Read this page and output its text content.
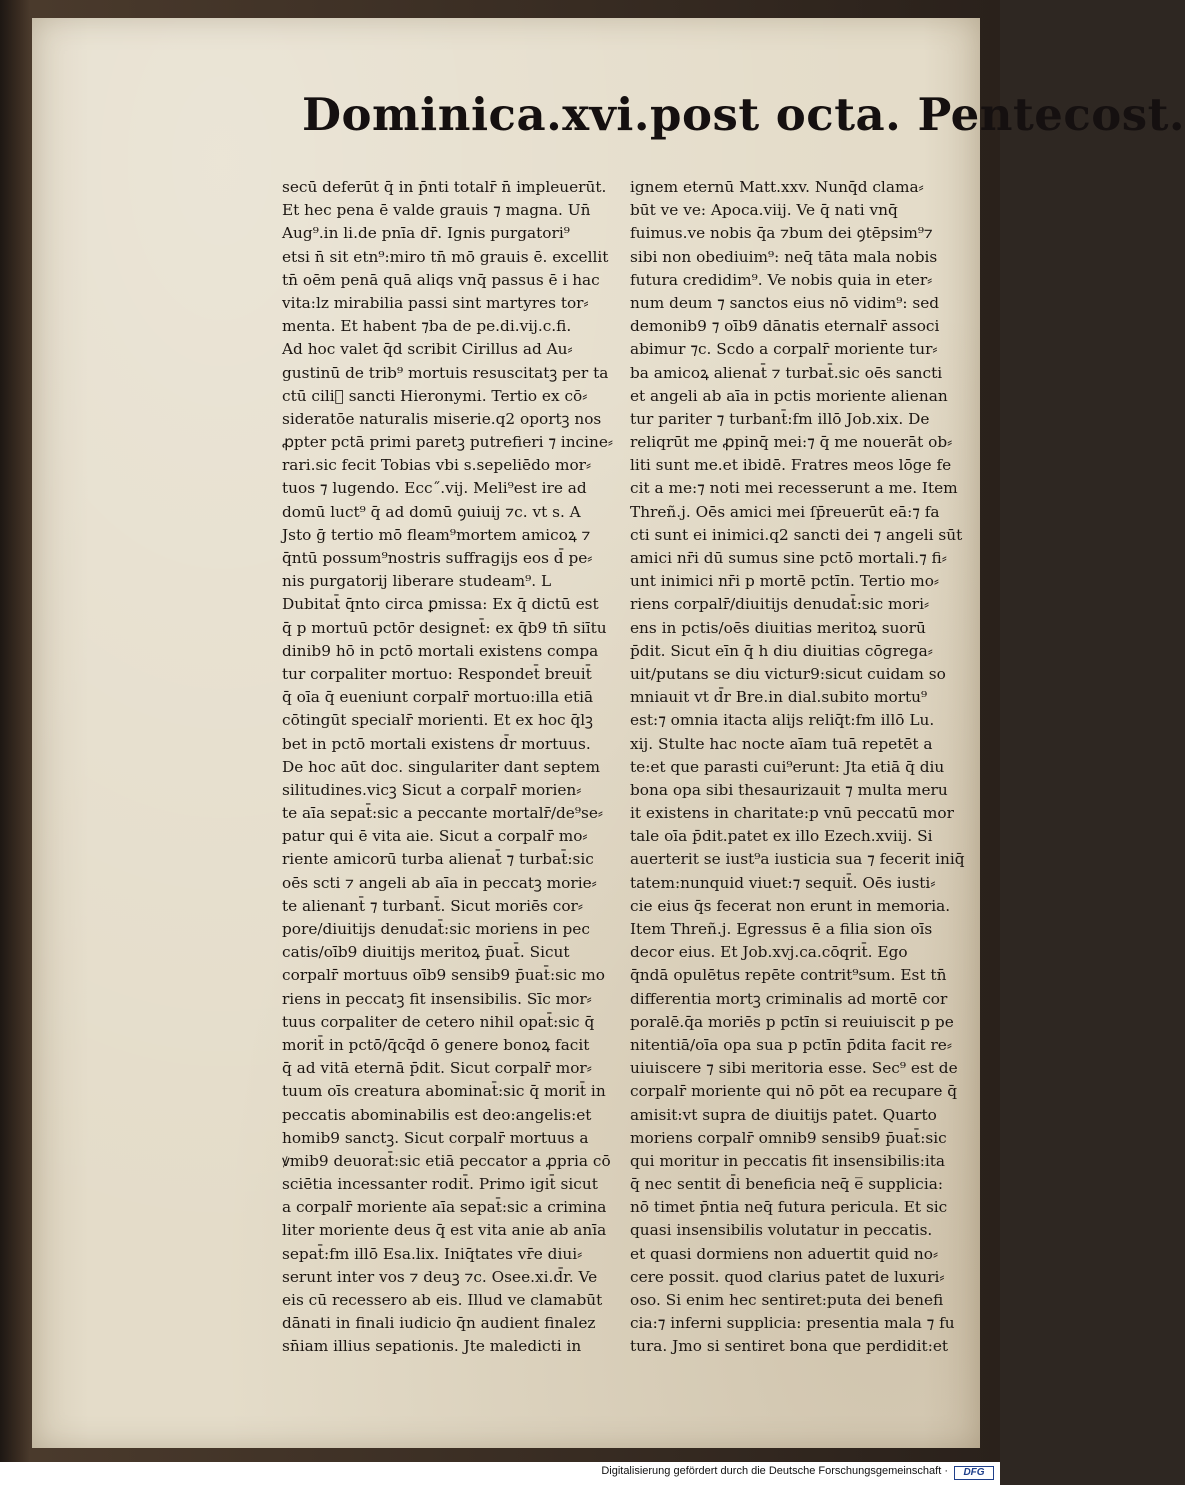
Dominica.xvi.post octa. Pentecost.
secū deferūt q̄ in p̄nti totalr̄ n̄ impleuerūt.
Et hec pena ē valde grauis ⁊ magna. Un̄
Aug⁹.in li.de pnīa dr̄. Ignis purgatori⁹
etsi n̄ sit etn⁹:miro tn̄ mō grauis ē. excellit
tn̄ oēm penā quā aliqs vnq̄ passus ē i hac
vita:lz mirabilia passi sint martyres tor⸗
menta. Et habent ⁊ba de pe.di.vij.c.fi.
Ad hoc valet q̄d scribit Cirillus ad Au⸗
gustinū de trib⁹ mortuis resuscitatꝫ per ta
ctū ciliᷓ sancti Hieronymi. Tertio ex cō⸗
sideratōe naturalis miserie.q2 oportꝫ nos
ꝓpter pctā primi paretꝫ putrefieri ⁊ incine⸗
rari.sic fecit Tobias vbi s.sepeliēdo mor⸗
tuos ⁊ lugendo. Ecc˝.vij. Meli⁹est ire ad
domū luct⁹ q̄ ad domū ꝯuiuij ⁊c. vt s. A
Jsto ḡ tertio mō fleam⁹mortem amicoꝝ ⁊
q̄ntū possum⁹nostris suffragijs eos d̄ pe⸗
nis purgatorij liberare studeam⁹. L
Dubitat̄ q̄nto circa ꝑmissa: Ex q̄ dictū est
q̄ p mortuū pctōr designet̄: ex q̄b9 tn̄ siītu
dinib9 hō in pctō mortali existens compa
tur corpaliter mortuo: Respondet̄ breuit̄
q̄ oīa q̄ eueniunt corpalr̄ mortuo:illa etiā
cōtingūt specialr̄ morienti. Et ex hoc q̄lꝫ
bet in pctō mortali existens d̄r mortuus.
De hoc aūt doc. singulariter dant septem
silitudines.vicꝫ Sicut a corpalr̄ morien⸗
te aīa sepat̄:sic a peccante mortalr̄/de⁹se⸗
patur qui ē vita aie. Sicut a corpalr̄ mo⸗
riente amicorū turba alienat̄ ⁊ turbat̄:sic
oēs scti ⁊ angeli ab aīa in peccatꝫ morie⸗
te alienant̄ ⁊ turbant̄. Sicut moriēs cor⸗
pore/diuitijs denudat̄:sic moriens in pec
catis/oīb9 diuitijs meritoꝝ p̄uat̄. Sicut
corpalr̄ mortuus oīb9 sensib9 p̄uat̄:sic mo
riens in peccatꝫ fit insensibilis. Sīc mor⸗
tuus corpaliter de cetero nihil opat̄:sic q̄
morit̄ in pctō/q̄cq̄d ō genere bonoꝝ facit
q̄ ad vitā eternā p̄dit. Sicut corpalr̄ mor⸗
tuum oīs creatura abominat̄:sic q̄ morit̄ in
peccatis abominabilis est deo:angelis:et
homib9 sanctꝫ. Sicut corpalr̄ mortuus a
ꝟmib9 deuorat̄:sic etiā peccator a ꝓpria cō
sciētia incessanter rodit̄. Primo igit̄ sicut
a corpalr̄ moriente aīa sepat̄:sic a crimina
liter moriente deus q̄ est vita anie ab anīa
sepat̄:fm illō Esa.lix. Iniq̄tates vr̄e diui⸗
serunt inter vos ⁊ deuꝫ ⁊c. Osee.xi.d̄r. Ve
eis cū recessero ab eis. Illud ve clamabūt
dānati in finali iudicio q̄n audient finalez
sn̄iam illius sepationis. Jte maledicti in
ignem eternū Matt.xxv. Nunq̄d clama⸗
būt ve ve: Apoca.viij. Ve q̄ nati vnq̄
fuimus.ve nobis q̄a ⁊bum dei ꝯtēpsim⁹⁊
sibi non obediuim⁹: neq̄ tāta mala nobis
futura credidim⁹. Ve nobis quia in eter⸗
num deum ⁊ sanctos eius nō vidim⁹: sed
demonib9 ⁊ oīb9 dānatis eternalr̄ associ
abimur ⁊c. Scdo a corpalr̄ moriente tur⸗
ba amicoꝝ alienat̄ ⁊ turbat̄.sic oēs sancti
et angeli ab aīa in pctis moriente alienan
tur pariter ⁊ turbant̄:fm illō Job.xix. De
reliqrūt me ꝓpinq̄ mei:⁊ q̄ me nouerāt ob⸗
liti sunt me.et ibidē. Fratres meos lōge fe
cit a me:⁊ noti mei recesserunt a me. Item
Threñ.j. Oēs amici mei ſp̄reuerūt eā:⁊ fa
cti sunt ei inimici.q2 sancti dei ⁊ angeli sūt
amici nr̄i dū sumus sine pctō mortali.⁊ fi⸗
unt inimici nr̄i p mortē pctīn. Tertio mo⸗
riens corpalr̄/diuitijs denudat̄:sic mori⸗
ens in pctis/oēs diuitias meritoꝝ suorū
p̄dit. Sicut eīn q̄ h diu diuitias cōgrega⸗
uit/putans se diu victur9:sicut cuidam so
mniauit vt d̄r Bre.in dial.subito mortu⁹
est:⁊ omnia itacta alijs reliq̄t:fm illō Lu.
xij. Stulte hac nocte aīam tuā repetēt a
te:et que parasti cui⁹erunt: Jta etiā q̄ diu
bona opa sibi thesaurizauit ⁊ multa meru
it existens in charitate:p vnū peccatū mor
tale oīa p̄dit.patet ex illo Ezech.xviij. Si
auerterit se iust⁹a iusticia sua ⁊ fecerit iniq̄
tatem:nunquid viuet:⁊ sequit̄. Oēs iusti⸗
cie eius q̄s fecerat non erunt in memoria.
Item Threñ.j. Egressus ē a filia sion oīs
decor eius. Et Job.xvj.ca.cōqrit̄. Ego
q̄ndā opulētus repēte contrit⁹sum. Est tn̄
differentia mortꝫ criminalis ad mortē cor
poralē.q̄a moriēs p pctīn si reuiuiscit p pe
nitentiā/oīa opa sua p pctīn p̄dita facit re⸗
uiuiscere ⁊ sibi meritoria esse. Sec⁹ est de
corpalr̄ moriente qui nō pōt ea recupare q̄
amisit:vt supra de diuitijs patet. Quarto
moriens corpalr̄ omnib9 sensib9 p̄uat̄:sic
qui moritur in peccatis fit insensibilis:ita
q̄ nec sentit d̄i beneficia neq̄ e̅ supplicia:
nō timet p̄ntia neq̄ futura pericula. Et sic
quasi insensibilis volutatur in peccatis.
et quasi dormiens non aduertit quid no⸗
cere possit. quod clarius patet de luxuri⸗
oso. Si enim hec sentiret:puta dei benefi
cia:⁊ inferni supplicia: presentia mala ⁊ fu
tura. Jmo si sentiret bona que perdidit:et
Digitalisierung gefördert durch die Deutsche Forschungsgemeinschaft ·	DFG
